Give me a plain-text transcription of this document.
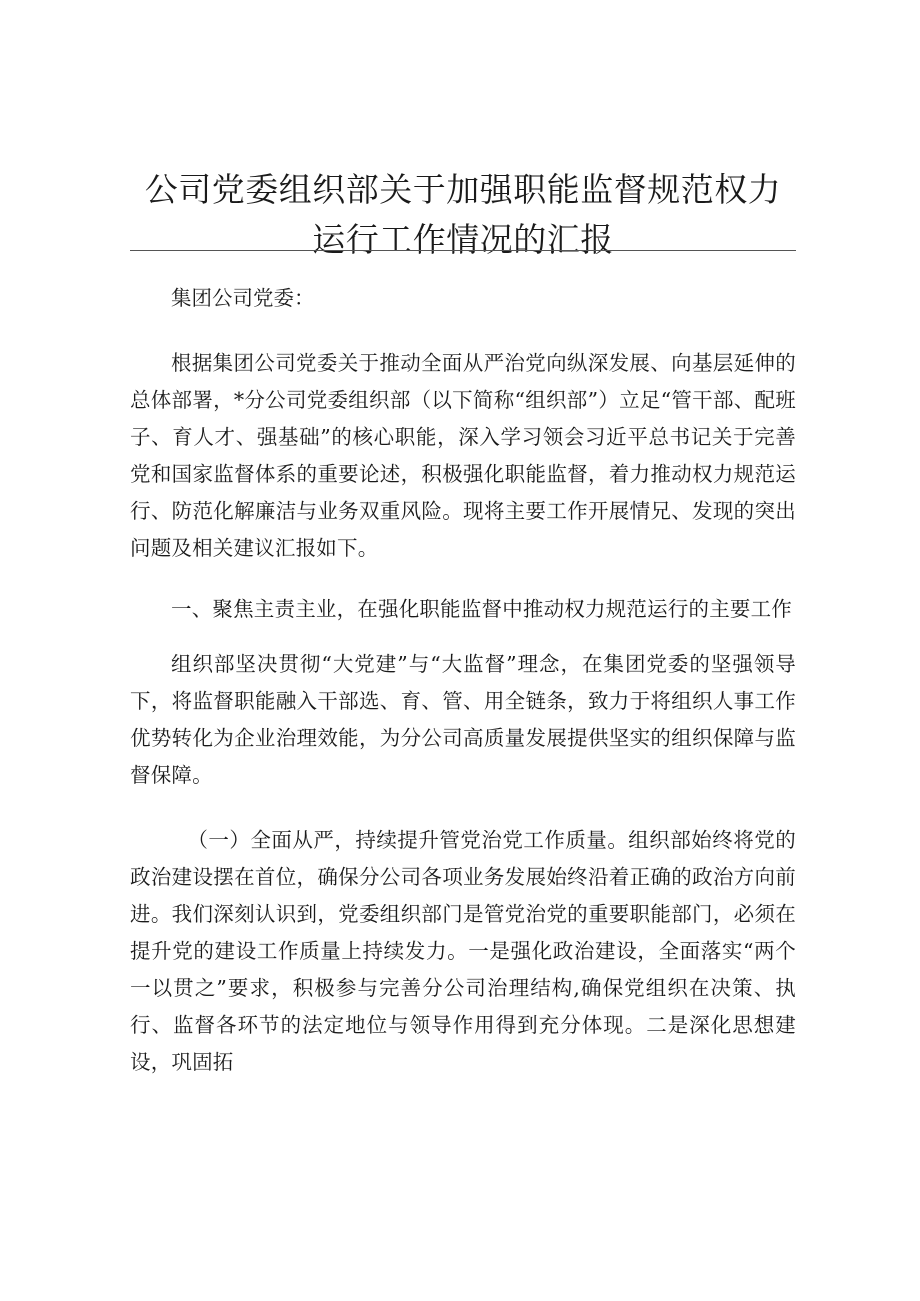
公司党委组织部关于加强职能监督规范权力运行工作情况的汇报

集团公司党委：

根据集团公司党委关于推动全面从严治党向纵深发展、向基层延伸的总体部署，*分公司党委组织部（以下简称“组织部”）立足“管干部、配班子、育人才、强基础”的核心职能，深入学习领会习近平总书记关于完善党和国家监督体系的重要论述，积极强化职能监督，着力推动权力规范运行、防范化解廉洁与业务双重风险。现将主要工作开展情兄、发现的突出问题及相关建议汇报如下。

一、聚焦主责主业，在强化职能监督中推动权力规范运行的主要工作

组织部坚决贯彻“大党建”与“大监督”理念，在集团党委的坚强领导下，将监督职能融入干部选、育、管、用全链条，致力于将组织人事工作优势转化为企业治理效能，为分公司高质量发展提供坚实的组织保障与监督保障。

（一）全面从严，持续提升管党治党工作质量。组织部始终将党的政治建设摆在首位，确保分公司各项业务发展始终沿着正确的政治方向前进。我们深刻认识到，党委组织部门是管党治党的重要职能部门，必须在提升党的建设工作质量上持续发力。一是强化政治建设，全面落实“两个一以贯之”要求，积极参与完善分公司治理结构,确保党组织在决策、执行、监督各环节的法定地位与领导作用得到充分体现。二是深化思想建设，巩固拓
